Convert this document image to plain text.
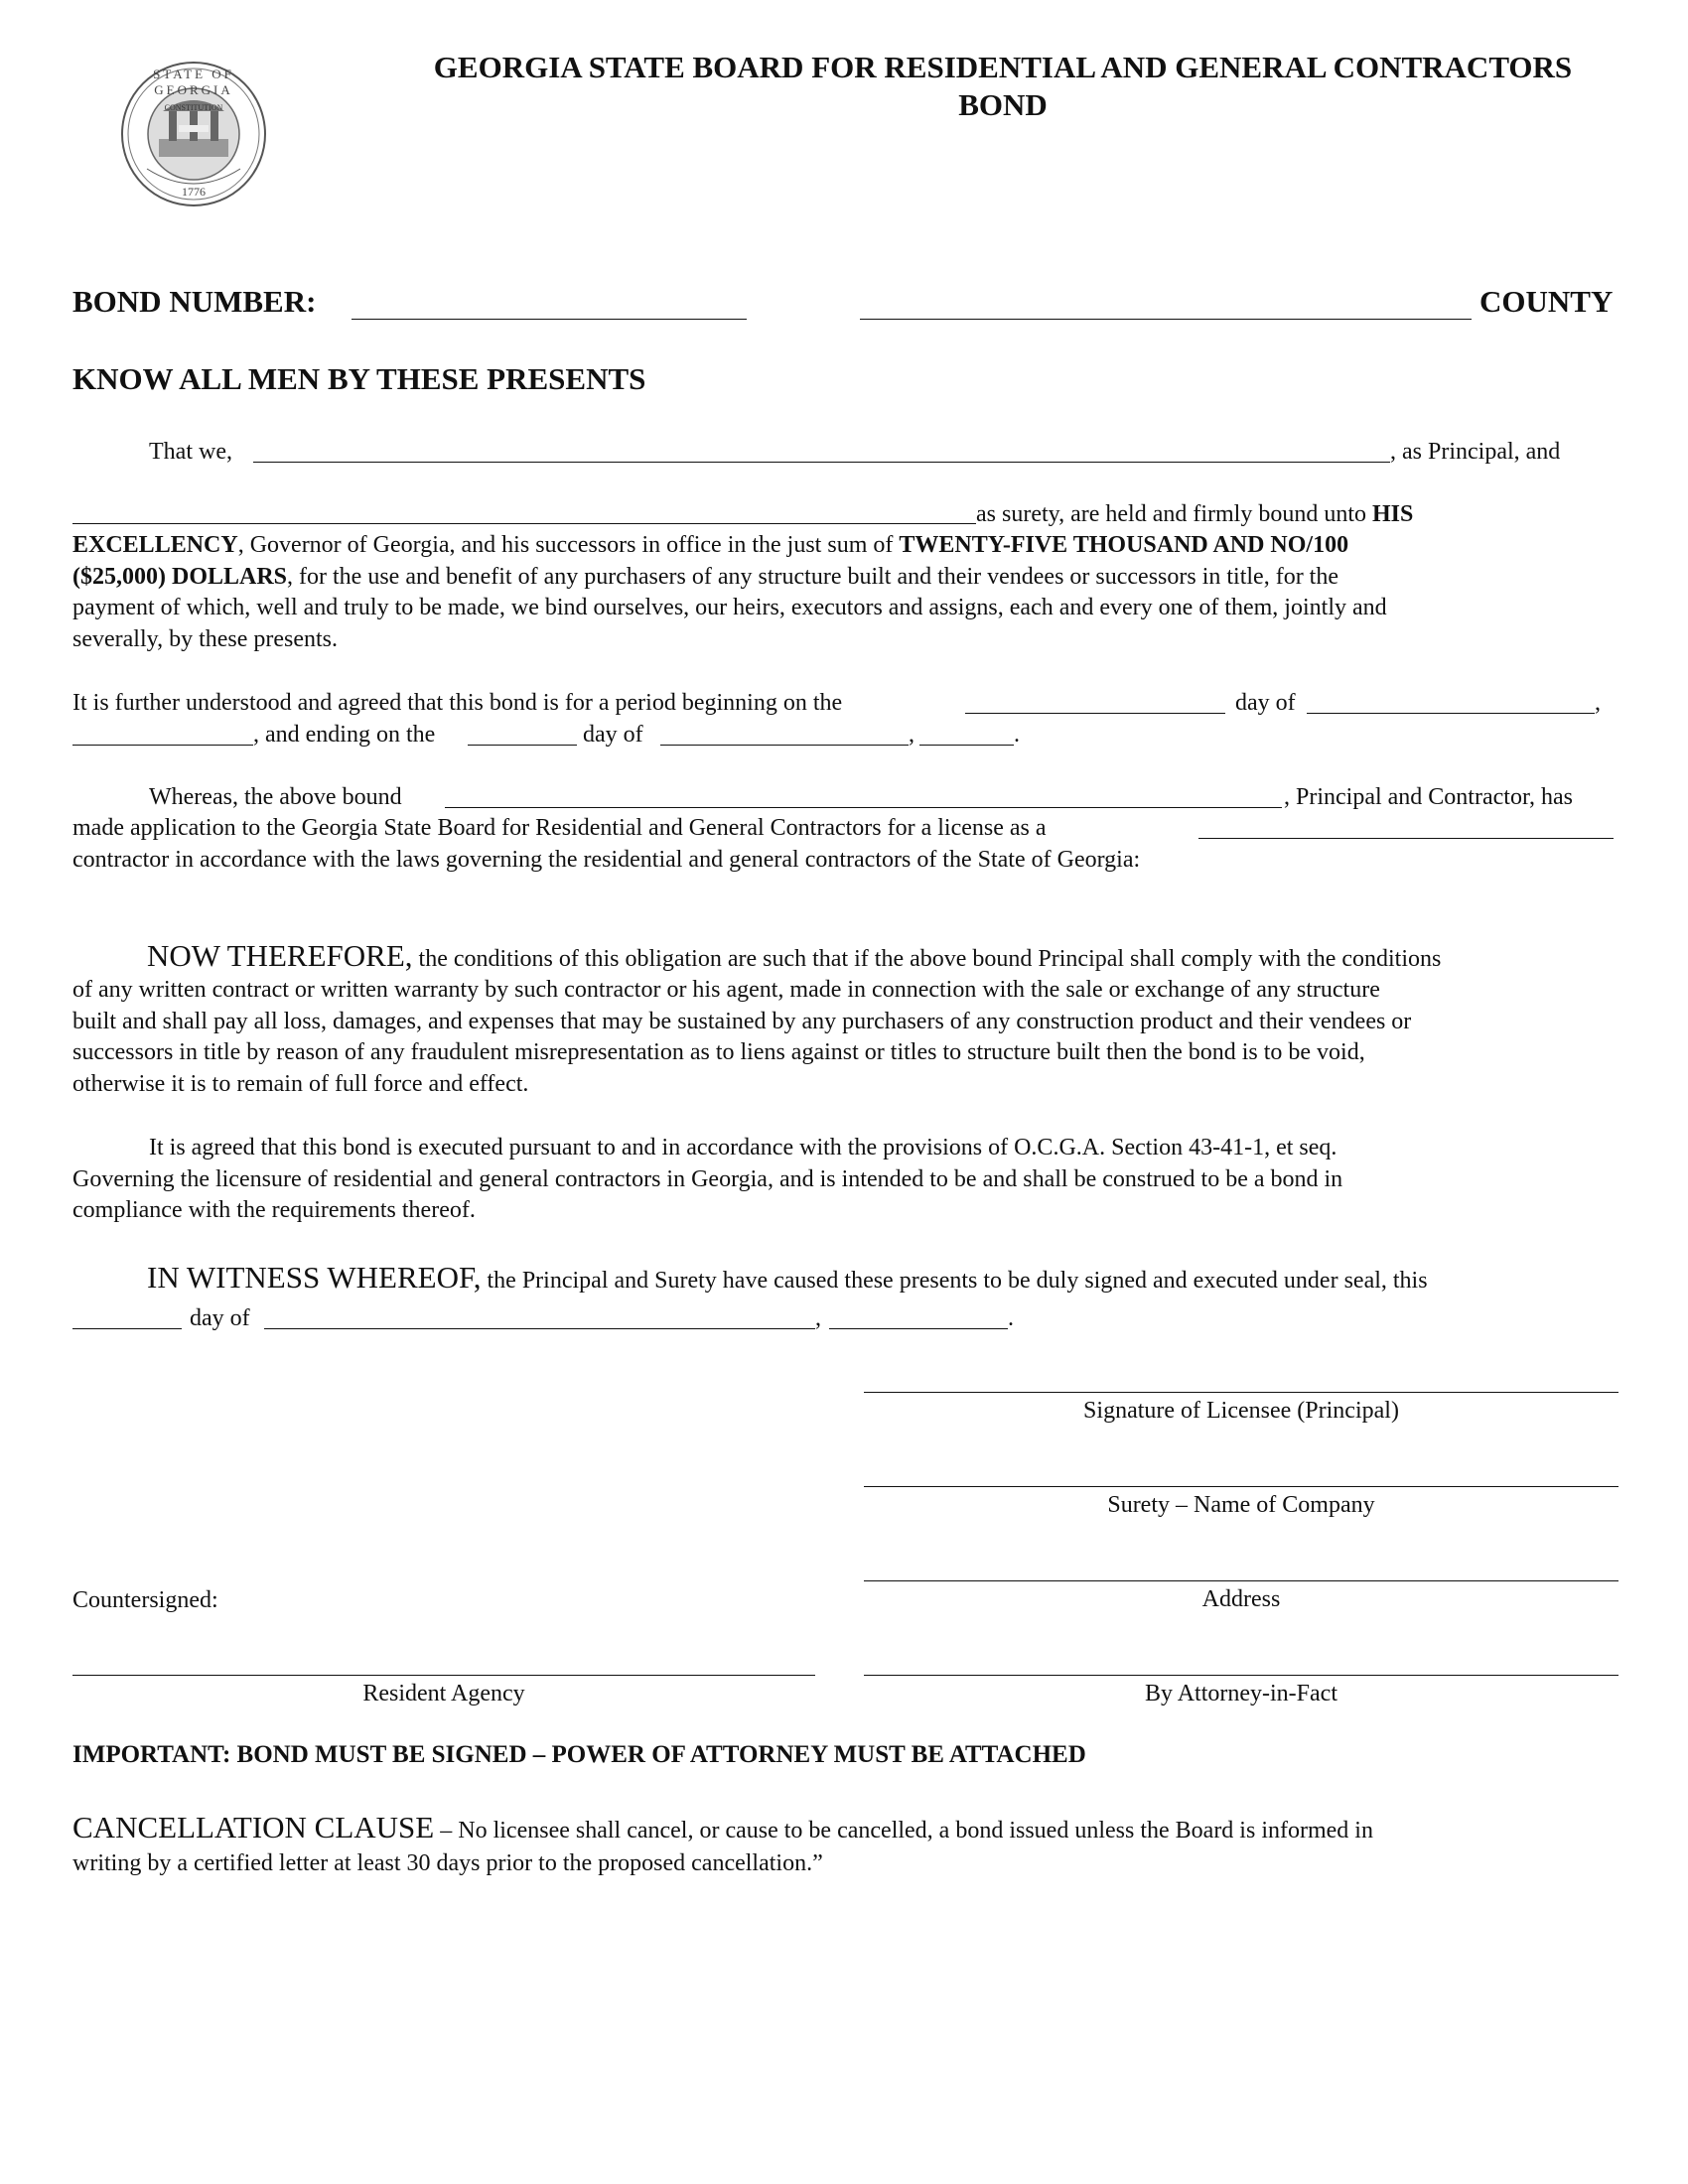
STATE OF GEORGIA
CONSTITUTION
1776
GEORGIA STATE BOARD FOR RESIDENTIAL AND GENERAL CONTRACTORS
BOND
BOND NUMBER:	COUNTY
KNOW ALL MEN BY THESE PRESENTS
That we,	, as Principal, and
as surety, are held and firmly bound unto HIS
EXCELLENCY, Governor of Georgia, and his successors in office in the just sum of TWENTY-FIVE THOUSAND AND NO/100
($25,000) DOLLARS, for the use and benefit of any purchasers of any structure built and their vendees or successors in title, for the
payment of which, well and truly to be made, we bind ourselves, our heirs, executors and assigns, each and every one of them, jointly and
severally, by these presents.
It is further understood and agreed that this bond is for a period beginning on the	day of	,
, and ending on the	day of	,	.
Whereas, the above bound	, Principal and Contractor, has
made application to the Georgia State Board for Residential and General Contractors for a license as a
contractor in accordance with the laws governing the residential and general contractors of the State of Georgia:
NOW THEREFORE, the conditions of this obligation are such that if the above bound Principal shall comply with the conditions
of any written contract or written warranty by such contractor or his agent, made in connection with the sale or exchange of any structure
built and shall pay all loss, damages, and expenses that may be sustained by any purchasers of any construction product and their vendees or
successors in title by reason of any fraudulent misrepresentation as to liens against or titles to structure built then the bond is to be void,
otherwise it is to remain of full force and effect.
It is agreed that this bond is executed pursuant to and in accordance with the provisions of O.C.G.A. Section 43-41-1, et seq.
Governing the licensure of residential and general contractors in Georgia, and is intended to be and shall be construed to be a bond in
compliance with the requirements thereof.
IN WITNESS WHEREOF, the Principal and Surety have caused these presents to be duly signed and executed under seal, this
day of	,	.
Signature of Licensee (Principal)
Surety – Name of Company
Countersigned:	Address
Resident Agency	By Attorney-in-Fact
IMPORTANT: BOND MUST BE SIGNED – POWER OF ATTORNEY MUST BE ATTACHED
CANCELLATION CLAUSE – No licensee shall cancel, or cause to be cancelled, a bond issued unless the Board is informed in
writing by a certified letter at least 30 days prior to the proposed cancellation.”
